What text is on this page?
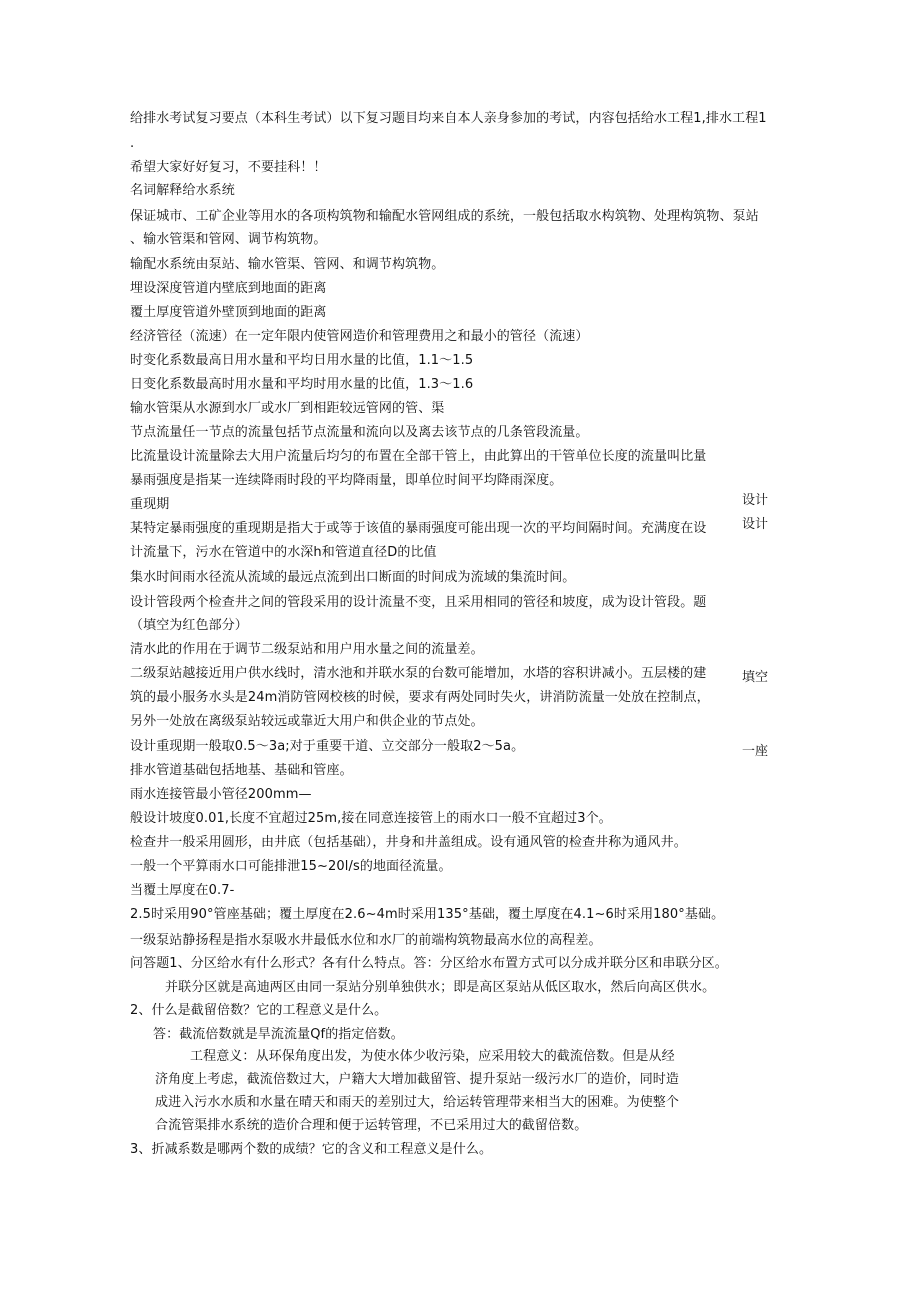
给排水考试复习要点（本科生考试）以下复习题目均来自本人亲身参加的考试，内容包括给水工程1,排水工程1
.
希望大家好好复习，不要挂科！！
名词解释给水系统
保证城市、工矿企业等用水的各项构筑物和输配水管网组成的系统，一般包括取水构筑物、处理构筑物、泵站
、输水管渠和管网、调节构筑物。
输配水系统由泵站、输水管渠、管网、和调节构筑物。
埋设深度管道内壁底到地面的距离
覆土厚度管道外壁顶到地面的距离
经济管径（流速）在一定年限内使管网造价和管理费用之和最小的管径（流速）
时变化系数最高日用水量和平均日用水量的比值，1.1～1.5
日变化系数最高时用水量和平均时用水量的比值，1.3～1.6
输水管渠从水源到水厂或水厂到相距较远管网的管、渠
节点流量任一节点的流量包括节点流量和流向以及离去该节点的几条管段流量。
比流量设计流量除去大用户流量后均匀的布置在全部干管上，由此算出的干管单位长度的流量叫比量
暴雨强度是指某一连续降雨时段的平均降雨量，即单位时间平均降雨深度。
重现期
某特定暴雨强度的重现期是指大于或等于该值的暴雨强度可能出现一次的平均间隔时间。充满度在设
计流量下，污水在管道中的水深h和管道直径D的比值
集水时间雨水径流从流域的最远点流到出口断面的时间成为流域的集流时间。
设计管段两个检查井之间的管段采用的设计流量不变，且采用相同的管径和坡度，成为设计管段。题
（填空为红色部分）
清水此的作用在于调节二级泵站和用户用水量之间的流量差。
二级泵站越接近用户供水线时，清水池和并联水泵的台数可能增加，水塔的容积讲减小。五层楼的建
筑的最小服务水头是24m消防管网校核的时候，要求有两处同时失火，讲消防流量一处放在控制点，
另外一处放在离级泵站较远或靠近大用户和供企业的节点处。
设计重现期一般取0.5～3a;对于重要干道、立交部分一般取2～5a。
排水管道基础包括地基、基础和管座。
雨水连接管最小管径200mm—
般设计坡度0.01,长度不宜超过25m,接在同意连接管上的雨水口一般不宜超过3个。
检查井一般采用圆形，由井底（包括基础），井身和井盖组成。设有通风管的检查井称为通风井。
一般一个平算雨水口可能排泄15~20l/s的地面径流量。
当覆土厚度在0.7-
2.5时采用90°管座基础；覆土厚度在2.6~4m时采用135°基础，覆土厚度在4.1~6时采用180°基础。
一级泵站静扬程是指水泵吸水井最低水位和水厂的前端构筑物最高水位的高程差。
问答题1、分区给水有什么形式？各有什么特点。答：分区给水布置方式可以分成并联分区和串联分区。
并联分区就是高迪两区由同一泵站分别单独供水；即是高区泵站从低区取水，然后向高区供水。
2、什么是截留倍数？它的工程意义是什么。
答：截流倍数就是旱流流量Qf的指定倍数。
工程意义：从环保角度出发，为使水体少收污染，应采用较大的截流倍数。但是从经
济角度上考虑，截流倍数过大，户籍大大增加截留管、提升泵站一级污水厂的造价，同时造
成进入污水水质和水量在晴天和雨天的差别过大，给运转管理带来相当大的困难。为使整个
合流管渠排水系统的造价合理和便于运转管理，不已采用过大的截留倍数。
3、折减系数是哪两个数的成绩？它的含义和工程意义是什么。
设计
设计
填空
一座
